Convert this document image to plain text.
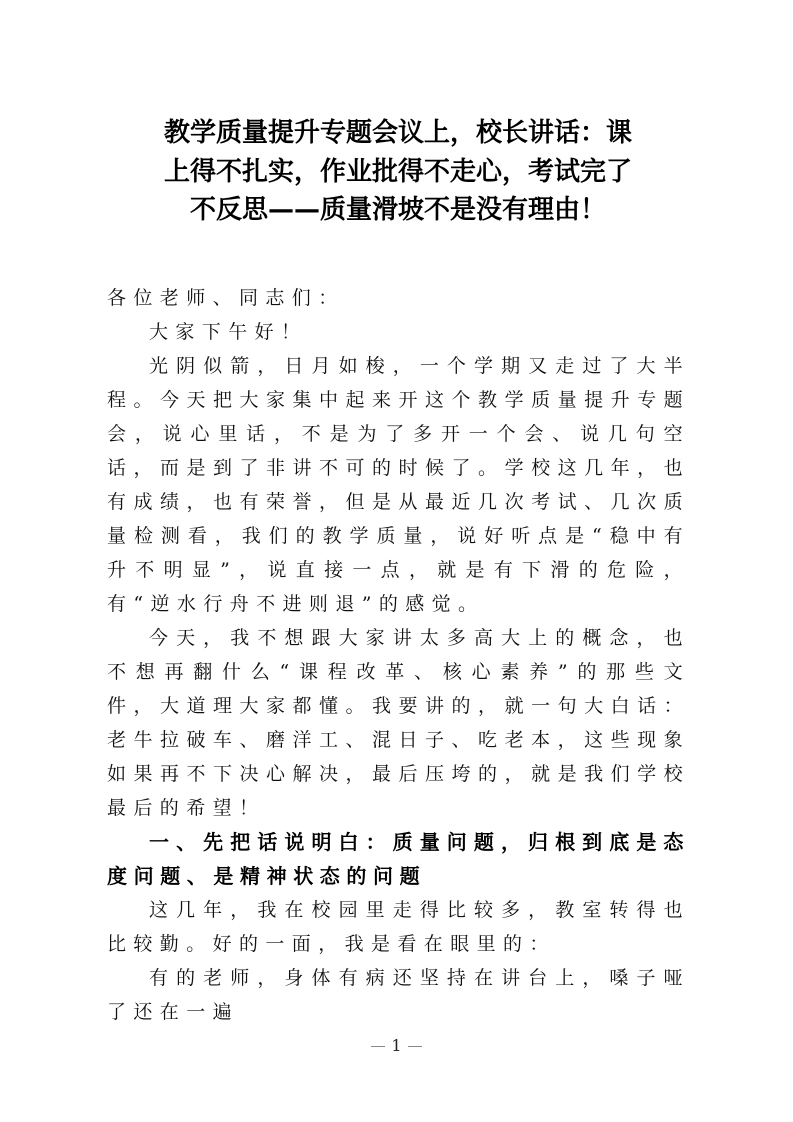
教学质量提升专题会议上，校长讲话：课
上得不扎实，作业批得不走心，考试完了
不反思——质量滑坡不是没有理由！

各位老师、同志们：

大家下午好！

光阴似箭，日月如梭，一个学期又走过了大半程。今天把大家集中起来开这个教学质量提升专题会，说心里话，不是为了多开一个会、说几句空话，而是到了非讲不可的时候了。学校这几年，也有成绩，也有荣誉，但是从最近几次考试、几次质量检测看，我们的教学质量，说好听点是“稳中有升不明显”，说直接一点，就是有下滑的危险，有“逆水行舟不进则退”的感觉。

今天，我不想跟大家讲太多高大上的概念，也不想再翻什么“课程改革、核心素养”的那些文件，大道理大家都懂。我要讲的，就一句大白话：老牛拉破车、磨洋工、混日子、吃老本，这些现象如果再不下决心解决，最后压垮的，就是我们学校最后的希望！

一、先把话说明白：质量问题，归根到底是态度问题、是精神状态的问题

这几年，我在校园里走得比较多，教室转得也比较勤。好的一面，我是看在眼里的：

有的老师，身体有病还坚持在讲台上，嗓子哑了还在一遍

1
